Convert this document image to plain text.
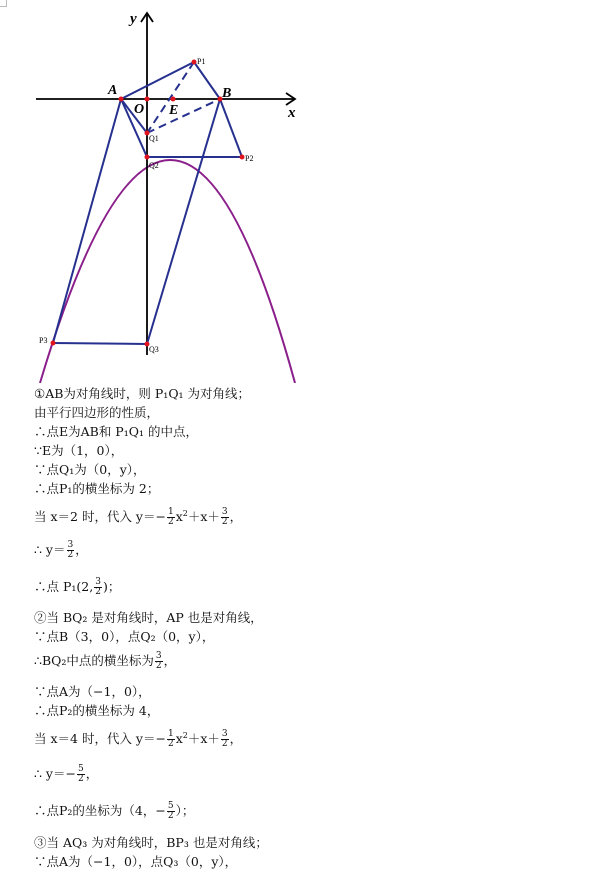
x
y
A
O E
B
P1
Q1
Q2
P2
P3
Q3
①AB为对角线时，则 P₁Q₁ 为对角线；
由平行四边形的性质，
∴点E为AB和 P₁Q₁ 的中点，
∵E为（1，0），
∵点Q₁为（0，y），
∴点P₁的横坐标为 2；
当 x＝2 时，代入 $y=- \frac{1}{2} x^2+x+ \frac{3}{2}$ ，
∴ $y= \frac{3}{2}$ ，
∴点 P₁(2, $\frac{3}{2}$ )；
②当 BQ₂ 是对角线时，AP 也是对角线，
∵点B（3，0），点Q₂（0，y），
∴BQ₂中点的横坐标为 $\frac{3}{2}$ ，
∵点A为（−1，0），
∴点P₂的横坐标为 4，
当 x＝4 时，代入 $y=- \frac{1}{2} x^2+x+ \frac{3}{2}$ ，
∴ $y=- \frac{5}{2}$ ，
∴点P₂的坐标为（4，− $\frac{5}{2}$ ）；
③当 AQ₃ 为对角线时，BP₃ 也是对角线；
∵点A为（−1，0），点Q₃（0，y），
